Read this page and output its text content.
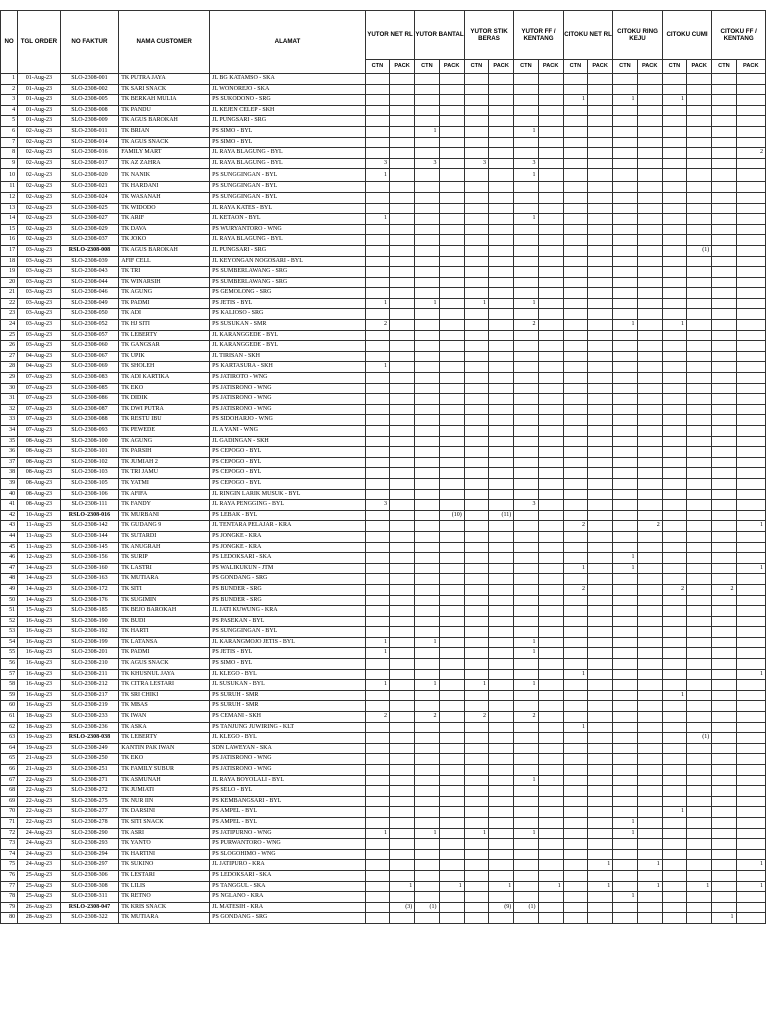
NO	TGL ORDER	NO FAKTUR	NAMA CUSTOMER	ALAMAT	YUTOR NET RL		YUTOR BANTAL		YUTOR STIK BERAS		YUTOR FF / KENTANG		CITOKU NET RL		CITOKU RING KEJU		CITOKU CUMI		CITOKU FF / KENTANG	
					CTN	PACK	CTN	PACK	CTN	PACK	CTN	PACK	CTN	PACK	CTN	PACK	CTN	PACK	CTN	PACK
1	01-Aug-23	SLO-2308-001	TK PUTRA JAYA	JL BG KATAMSO - SKA																
2	01-Aug-23	SLO-2308-002	TK SARI SNACK	JL WONOREJO - SKA																
3	01-Aug-23	SLO-2308-005	TK BERKAH MULIA	PS SUKODONO - SRG									1		1		1			
4	01-Aug-23	SLO-2308-008	TK PANDU	JL KEJEN CELEP - SKH																
5	01-Aug-23	SLO-2308-009	TK AGUS BAROKAH	JL PUNGSARI - SRG																
6	02-Aug-23	SLO-2308-011	TK BRIAN	PS SIMO - BYL			1				1									
7	02-Aug-23	SLO-2308-014	TK AGUS SNACK	PS SIMO - BYL																
8	02-Aug-23	SLO-2308-016	FAMILY MART	JL RAYA BLAGUNG - BYL																2
9	02-Aug-23	SLO-2308-017	TK AZ ZAHRA	JL RAYA BLAGUNG - BYL	3		3		3		3									
10	02-Aug-23	SLO-2308-020	TK NANIK	PS SUNGGINGAN - BYL	1						1									
11	02-Aug-23	SLO-2308-021	TK HARDANI	PS SUNGGINGAN - BYL																
12	02-Aug-23	SLO-2308-024	TK WASANAH	PS SUNGGINGAN - BYL																
13	02-Aug-23	SLO-2308-025	TK WIDODO	JL RAYA KATES - BYL																
14	02-Aug-23	SLO-2308-027	TK ARIF	JL KETAON - BYL	1						1									
15	02-Aug-23	SLO-2308-029	TK DAVA	PS WURYANTORO - WNG																
16	02-Aug-23	SLO-2308-037	TK JOKO	JL RAYA BLAGUNG - BYL																
17	03-Aug-23	RSLO-2308-008	TK AGUS BAROKAH	JL PUNGSARI - SRG														(1)		
18	03-Aug-23	SLO-2308-039	AFIF CELL	JL KEYONGAN NOGOSARI - BYL																
19	03-Aug-23	SLO-2308-043	TK TRI	PS SUMBERLAWANG - SRG																
20	03-Aug-23	SLO-2308-044	TK WINARSIH	PS SUMBERLAWANG - SRG																
21	03-Aug-23	SLO-2308-046	TK AGUNG	PS GEMOLONG - SRG																
22	03-Aug-23	SLO-2308-049	TK PADMI	PS JETIS - BYL	1		1		1		1									
23	03-Aug-23	SLO-2308-050	TK ADI	PS KALIOSO - SRG																
24	03-Aug-23	SLO-2308-052	TK HJ SITI	PS SUSUKAN - SMR	2						2				1		1			
25	03-Aug-23	SLO-2308-057	TK LEBERTY	JL KARANGGEDE - BYL																
26	03-Aug-23	SLO-2308-060	TK GANGSAR	JL KARANGGEDE - BYL																
27	04-Aug-23	SLO-2308-067	TK UPIK	JL TIRISAN - SKH																
28	04-Aug-23	SLO-2308-069	TK SHOLEH	PS KARTASURA - SKH	1															
29	07-Aug-23	SLO-2308-083	TK ADI KARTIKA	PS JATIROTO - WNG																
30	07-Aug-23	SLO-2308-085	TK EKO	PS JATISRONO - WNG																
31	07-Aug-23	SLO-2308-086	TK DIDIK	PS JATISRONO - WNG																
32	07-Aug-23	SLO-2308-087	TK DWI PUTRA	PS JATISRONO - WNG																
33	07-Aug-23	SLO-2308-088	TK RESTU IBU	PS SIDOHARJO - WNG																
34	07-Aug-23	SLO-2308-093	TK PEWEDE	JL A YANI - WNG																
35	08-Aug-23	SLO-2308-100	TK AGUNG	JL GADINGAN - SKH																
36	08-Aug-23	SLO-2308-101	TK PARSIH	PS CEPOGO - BYL																
37	08-Aug-23	SLO-2308-102	TK JUMIAH 2	PS CEPOGO - BYL																
38	08-Aug-23	SLO-2308-103	TK TRI JAMU	PS CEPOGO - BYL																
39	08-Aug-23	SLO-2308-105	TK YATMI	PS CEPOGO - BYL																
40	08-Aug-23	SLO-2308-106	TK AFIFA	JL RINGIN LARIK MUSUK - BYL																
41	08-Aug-23	SLO-2308-111	TK FANDY	JL RAYA PENGGING - BYL	3						3									
42	10-Aug-23	RSLO-2308-016	TK MURBANI	PS LEBAK - BYL				(10)		(11)										
43	11-Aug-23	SLO-2308-142	TK GUDANG 9	JL TENTARA PELAJAR - KRA									2			2				1
44	11-Aug-23	SLO-2308-144	TK SUTARDI	PS JONGKE - KRA																
45	11-Aug-23	SLO-2308-145	TK ANUGRAH	PS JONGKE - KRA																
46	12-Aug-23	SLO-2308-156	TK SURIP	PS LEDOKSARI - SKA											1					
47	14-Aug-23	SLO-2308-160	TK LASTRI	PS WALIKUKUN - JTM									1		1					1
48	14-Aug-23	SLO-2308-163	TK MUTIARA	PS GONDANG - SRG																
49	14-Aug-23	SLO-2308-172	TK SITI	PS BUNDER - SRG									2				2		2	
50	14-Aug-23	SLO-2308-176	TK SUGIMIN	PS BUNDER - SRG																
51	15-Aug-23	SLO-2308-185	TK BEJO BAROKAH	JL JATI KUWUNG - KRA																
52	16-Aug-23	SLO-2308-190	TK BUDI	PS PASEKAN - BYL																
53	16-Aug-23	SLO-2308-192	TK HARTI	PS SUNGGINGAN - BYL																
54	16-Aug-23	SLO-2308-199	TK LATANSA	JL KARANGMOJO JETIS - BYL	1		1				1									
55	16-Aug-23	SLO-2308-201	TK PADMI	PS JETIS - BYL	1						1									
56	16-Aug-23	SLO-2308-210	TK AGUS SNACK	PS SIMO - BYL																
57	16-Aug-23	SLO-2308-211	TK KHUSNUL JAYA	JL KLEGO - BYL									1							1
58	16-Aug-23	SLO-2308-212	TK CITRA LESTARI	JL SUSUKAN - BYL	1		1		1		1									
59	16-Aug-23	SLO-2308-217	TK SRI CHIKI	PS SURUH - SMR													1			
60	16-Aug-23	SLO-2308-219	TK MBAS	PS SURUH - SMR																
61	18-Aug-23	SLO-2308-233	TK IWAN	PS CEMANI - SKH	2		2		2		2									
62	18-Aug-23	SLO-2308-236	TK ASKA	PS TANJUNG JUWIRING - KLT									1							
63	19-Aug-23	RSLO-2308-038	TK LEBERTY	JL KLEGO - BYL														(1)		
64	19-Aug-23	SLO-2308-249	KANTIN PAK IWAN	SDN LAWEYAN - SKA																
65	21-Aug-23	SLO-2308-250	TK EKO	PS JATISRONO - WNG																
66	21-Aug-23	SLO-2308-251	TK FAMILY SUBUR	PS JATISRONO - WNG																
67	22-Aug-23	SLO-2308-271	TK ASMUNAH	JL RAYA BOYOLALI - BYL							1									
68	22-Aug-23	SLO-2308-272	TK JUMIATI	PS SELO - BYL																
69	22-Aug-23	SLO-2308-275	TK NUR IIN	PS KEMBANGSARI - BYL																
70	22-Aug-23	SLO-2308-277	TK DARSINI	PS AMPEL - BYL													1			
71	22-Aug-23	SLO-2308-278	TK SITI SNACK	PS AMPEL - BYL											1					
72	24-Aug-23	SLO-2308-290	TK ASRI	PS JATIPURNO - WNG	1		1		1		1				1					
73	24-Aug-23	SLO-2308-293	TK YANTO	PS PURWANTORO - WNG																
74	24-Aug-23	SLO-2308-294	TK HARTINI	PS SLOGOHIMO - WNG																
75	24-Aug-23	SLO-2308-297	TK SUKINO	JL JATIPURO - KRA										1		1				1
76	25-Aug-23	SLO-2308-306	TK LESTARI	PS LEDOKSARI - SKA																
77	25-Aug-23	SLO-2308-308	TK LILIS	PS TANGGUL - SKA		1		1		1		1		1		1		1		1
78	25-Aug-23	SLO-2308-311	TK RETNO	PS NGLANO - KRA											1					
79	26-Aug-23	RSLO-2308-047	TK KRIS SNACK	JL MATESIH - KRA		(3)	(1)			(9)	(1)									
80	28-Aug-23	SLO-2308-322	TK MUTIARA	PS GONDANG - SRG															1	
